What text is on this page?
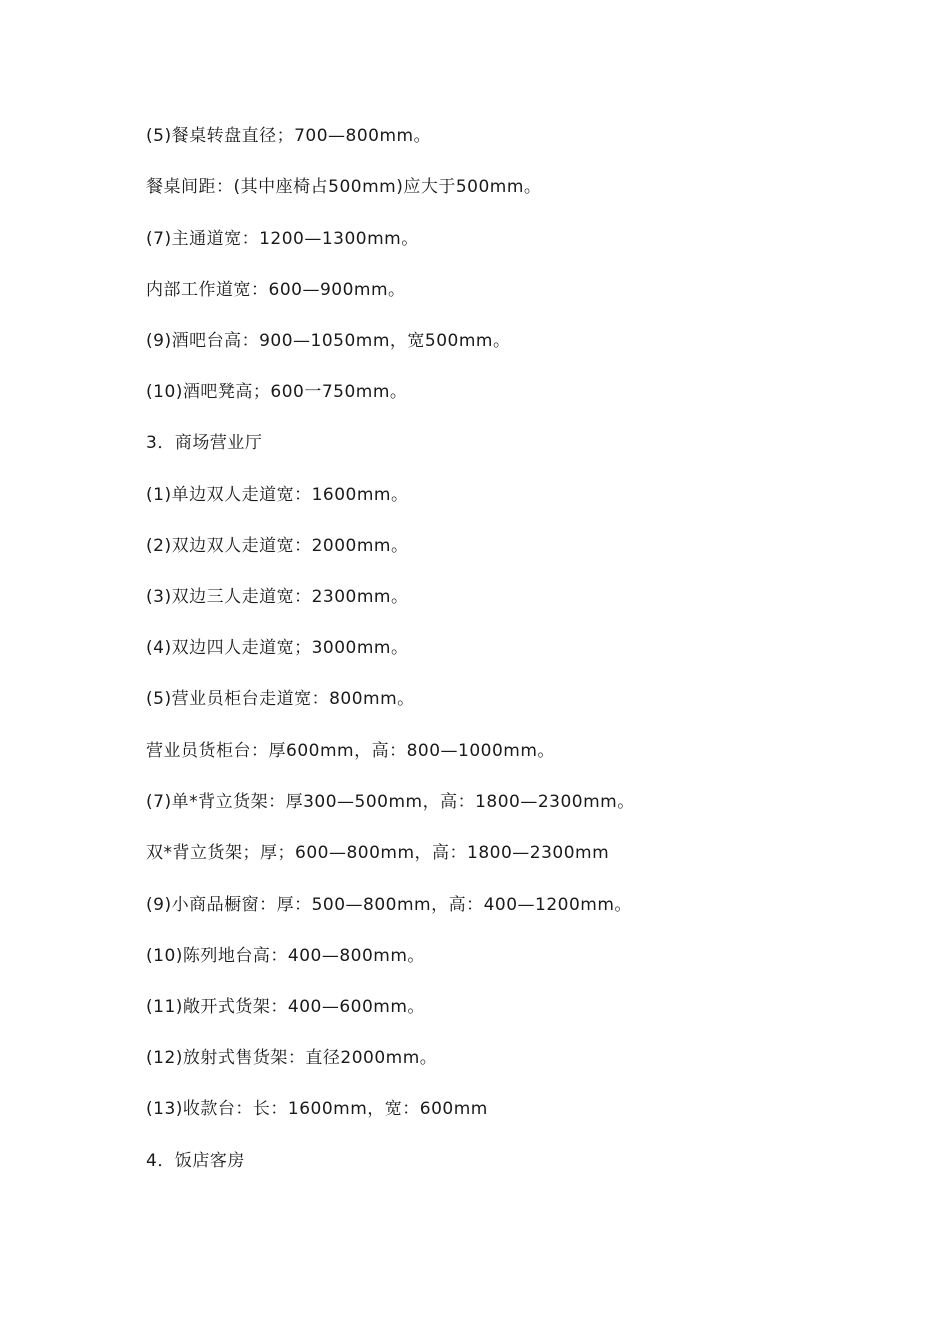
(5)餐桌转盘直径；700—800mm。
餐桌间距：(其中座椅占500mm)应大于500mm。
(7)主通道宽：1200—1300mm。
内部工作道宽：600—900mm。
(9)酒吧台高：900—1050mm，宽500mm。
(10)酒吧凳高；600一750mm。
3．商场营业厅
(1)单边双人走道宽：1600mm。
(2)双边双人走道宽：2000mm。
(3)双边三人走道宽：2300mm。
(4)双边四人走道宽；3000mm。
(5)营业员柜台走道宽：800mm。
营业员货柜台：厚600mm，高：800—1000mm。
(7)单*背立货架：厚300—500mm，高：1800—2300mm。
双*背立货架；厚；600—800mm，高：1800—2300mm
(9)小商品橱窗：厚：500—800mm，高：400—1200mm。
(10)陈列地台高：400—800mm。
(11)敞开式货架：400—600mm。
(12)放射式售货架：直径2000mm。
(13)收款台：长：1600mm，宽：600mm
4．饭店客房
